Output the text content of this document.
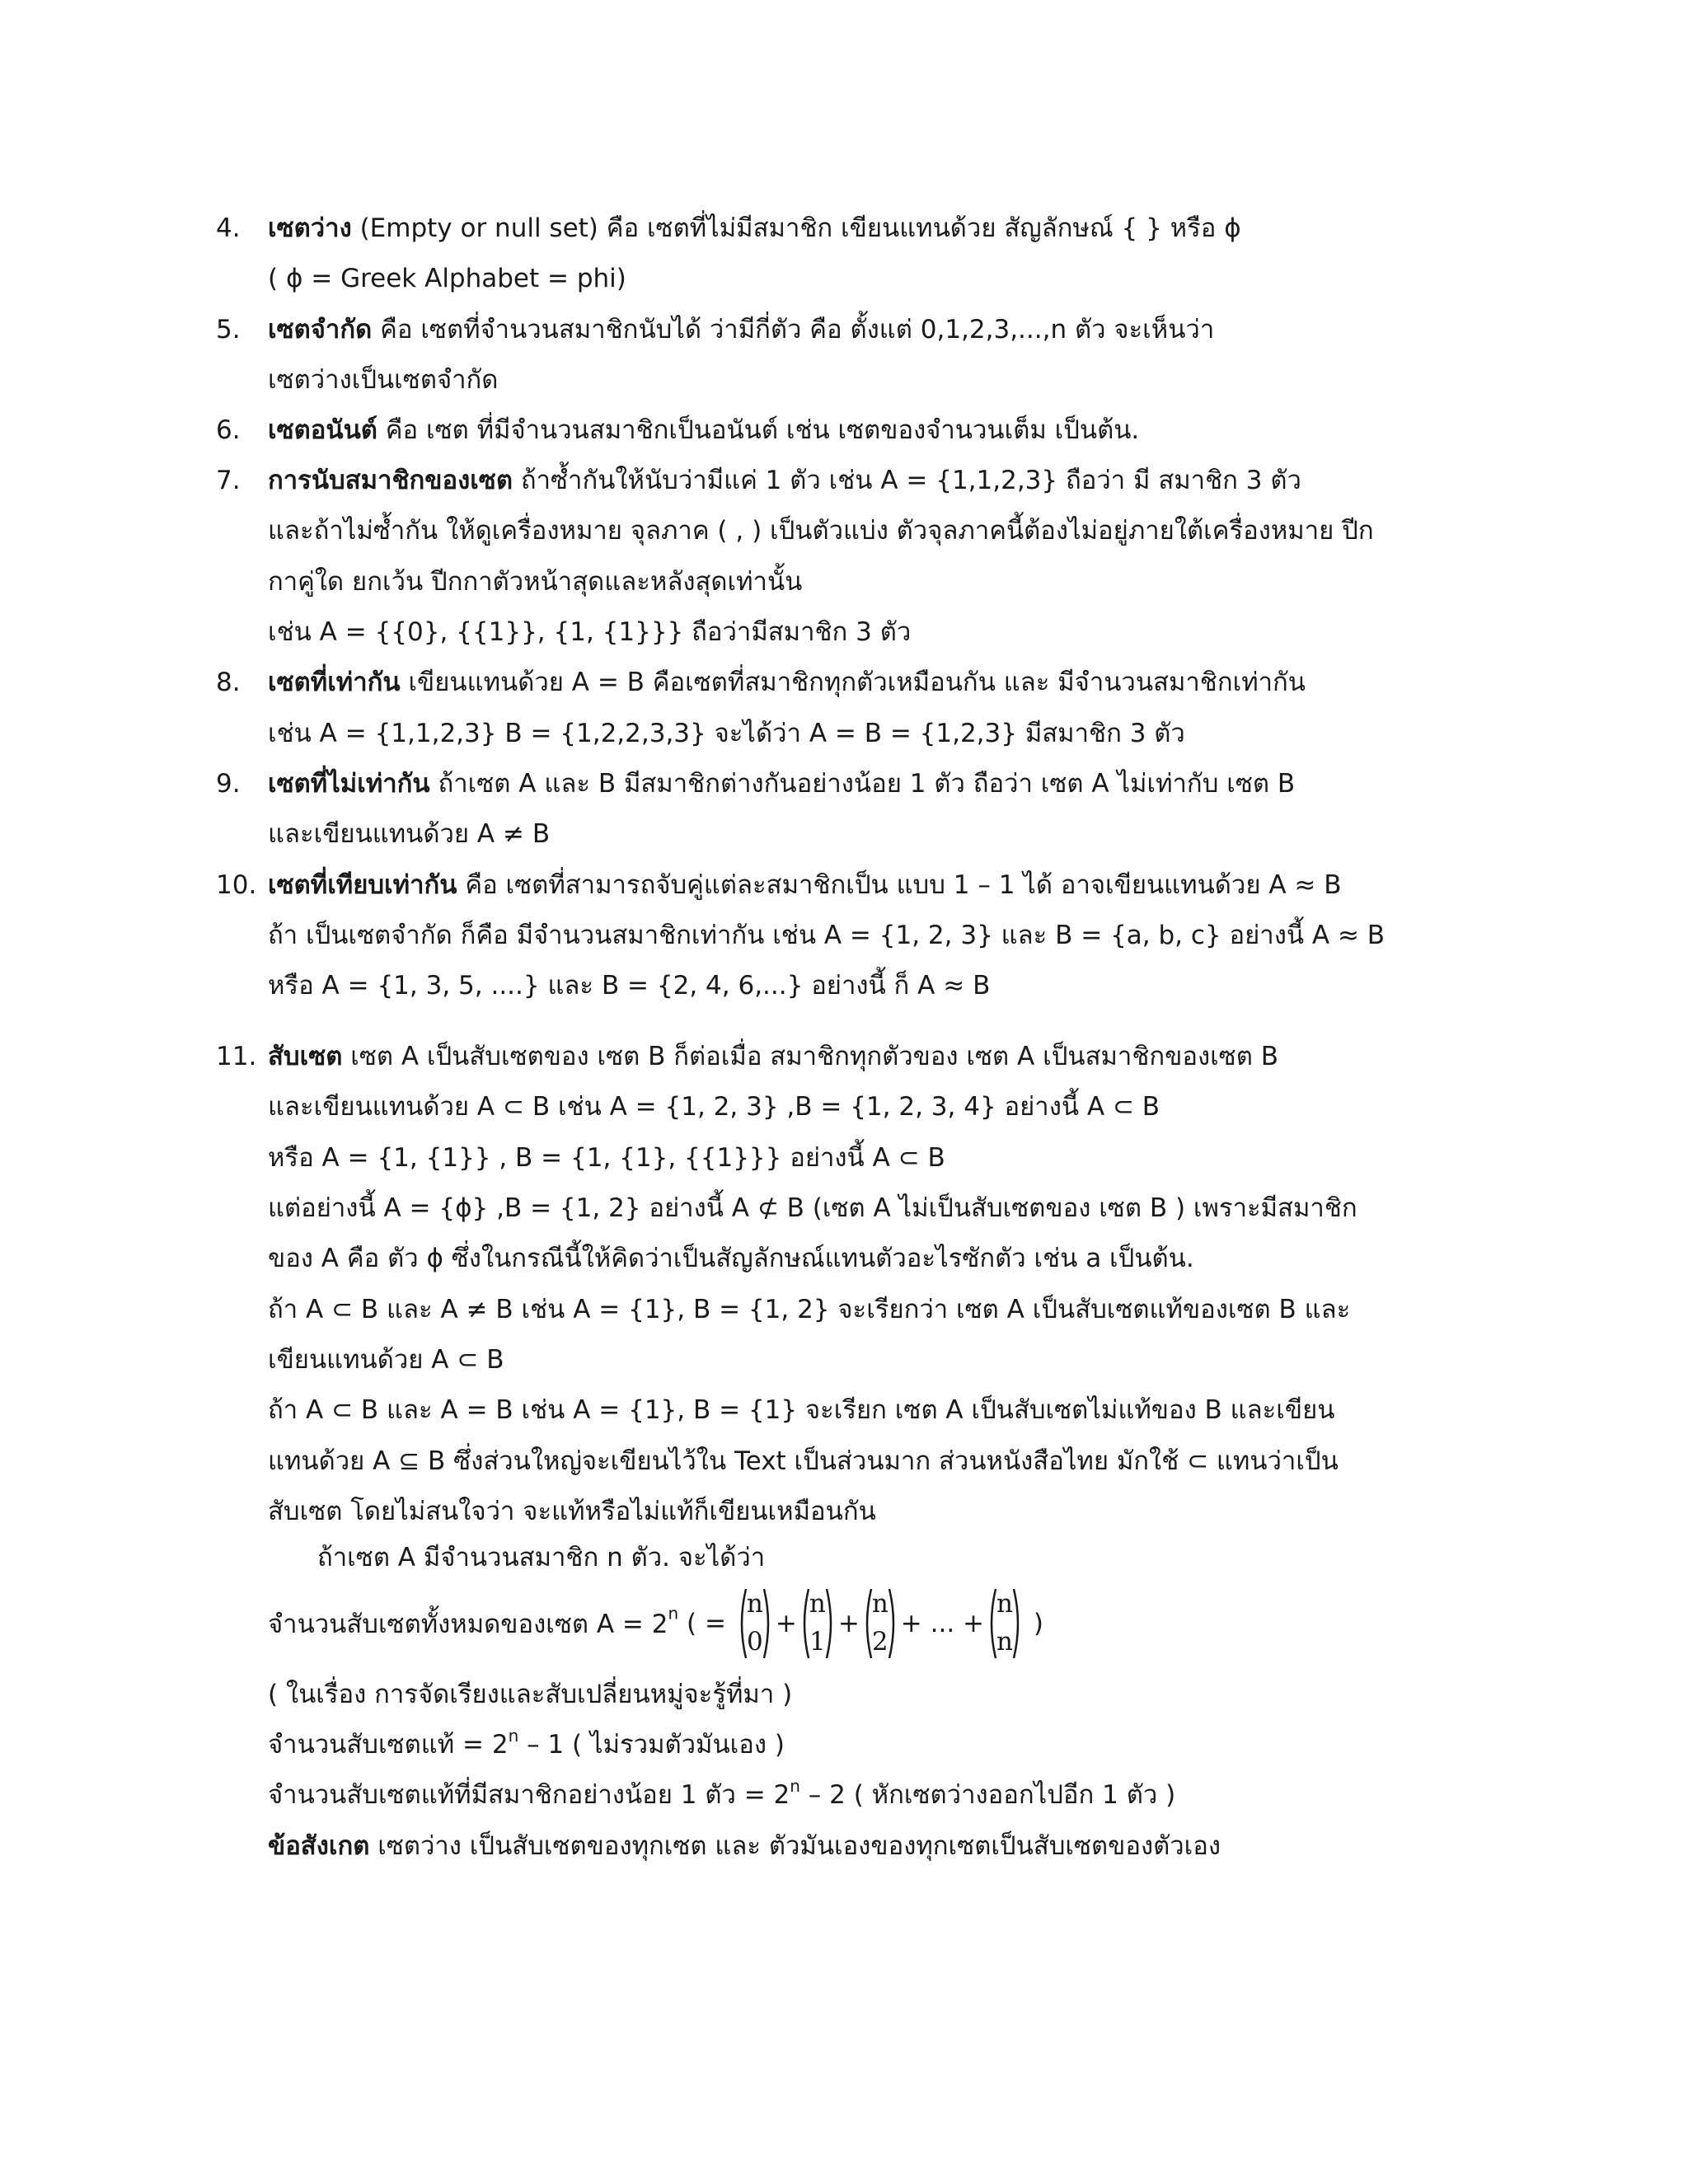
4. เซตว่าง (Empty or null set) คือ เซตที่ไม่มีสมาชิก เขียนแทนด้วย สัญลักษณ์ { } หรือ ϕ
( ϕ = Greek Alphabet = phi)
5. เซตจำกัด คือ เซตที่จำนวนสมาชิกนับได้ ว่ามีกี่ตัว คือ ตั้งแต่ 0,1,2,3,...,n ตัว จะเห็นว่า
เซตว่างเป็นเซตจำกัด
6. เซตอนันต์ คือ เซต ที่มีจำนวนสมาชิกเป็นอนันต์ เช่น เซตของจำนวนเต็ม เป็นต้น.
7. การนับสมาชิกของเซต ถ้าซ้ำกันให้นับว่ามีแค่ 1 ตัว เช่น A = {1,1,2,3} ถือว่า มี สมาชิก 3 ตัว
และถ้าไม่ซ้ำกัน ให้ดูเครื่องหมาย จุลภาค ( , ) เป็นตัวแบ่ง ตัวจุลภาคนี้ต้องไม่อยู่ภายใต้เครื่องหมาย ปีก
กาคู่ใด ยกเว้น ปีกกาตัวหน้าสุดและหลังสุดเท่านั้น
เช่น A = {{0}, {{1}}, {1, {1}}} ถือว่ามีสมาชิก 3 ตัว
8. เซตที่เท่ากัน เขียนแทนด้วย A = B คือเซตที่สมาชิกทุกตัวเหมือนกัน และ มีจำนวนสมาชิกเท่ากัน
เช่น A = {1,1,2,3} B = {1,2,2,3,3} จะได้ว่า A = B = {1,2,3} มีสมาชิก 3 ตัว
9. เซตที่ไม่เท่ากัน ถ้าเซต A และ B มีสมาชิกต่างกันอย่างน้อย 1 ตัว ถือว่า เซต A ไม่เท่ากับ เซต B
และเขียนแทนด้วย A ≠ B
10. เซตที่เทียบเท่ากัน คือ เซตที่สามารถจับคู่แต่ละสมาชิกเป็น แบบ 1 – 1 ได้ อาจเขียนแทนด้วย A ≈ B
ถ้า เป็นเซตจำกัด ก็คือ มีจำนวนสมาชิกเท่ากัน เช่น A = {1, 2, 3} และ B = {a, b, c} อย่างนี้ A ≈ B
หรือ A = {1, 3, 5, ....} และ B = {2, 4, 6,...} อย่างนี้ ก็ A ≈ B
11. สับเซต เซต A เป็นสับเซตของ เซต B ก็ต่อเมื่อ สมาชิกทุกตัวของ เซต A เป็นสมาชิกของเซต B
และเขียนแทนด้วย A ⊂ B เช่น A = {1, 2, 3} ,B = {1, 2, 3, 4} อย่างนี้ A ⊂ B
หรือ A = {1, {1}} , B = {1, {1}, {{1}}} อย่างนี้ A ⊂ B
แต่อย่างนี้ A = {ϕ} ,B = {1, 2} อย่างนี้ A ⊄ B (เซต A ไม่เป็นสับเซตของ เซต B ) เพราะมีสมาชิก
ของ A คือ ตัว ϕ ซึ่งในกรณีนี้ให้คิดว่าเป็นสัญลักษณ์แทนตัวอะไรซักตัว เช่น a เป็นต้น.
ถ้า A ⊂ B และ A ≠ B เช่น A = {1}, B = {1, 2} จะเรียกว่า เซต A เป็นสับเซตแท้ของเซต B และ
เขียนแทนด้วย A ⊂ B
ถ้า A ⊂ B และ A = B เช่น A = {1}, B = {1} จะเรียก เซต A เป็นสับเซตไม่แท้ของ B และเขียน
แทนด้วย A ⊆ B ซึ่งส่วนใหญ่จะเขียนไว้ใน Text เป็นส่วนมาก ส่วนหนังสือไทย มักใช้ ⊂ แทนว่าเป็น
สับเซต โดยไม่สนใจว่า จะแท้หรือไม่แท้ก็เขียนเหมือนกัน
ถ้าเซต A มีจำนวนสมาชิก n ตัว. จะได้ว่า
จำนวนสับเซตทั้งหมดของเซต $A = 2^n$ ( =
n
0
+
n
1
+
n
2
+ ... +
n
n
)
( ในเรื่อง การจัดเรียงและสับเปลี่ยนหมู่จะรู้ที่มา )
จำนวนสับเซตแท้ = $2^n - 1$ ( ไม่รวมตัวมันเอง )
จำนวนสับเซตแท้ที่มีสมาชิกอย่างน้อย 1 ตัว = $2^n - 2$ ( หักเซตว่างออกไปอีก 1 ตัว )
ข้อสังเกต เซตว่าง เป็นสับเซตของทุกเซต และ ตัวมันเองของทุกเซตเป็นสับเซตของตัวเอง
